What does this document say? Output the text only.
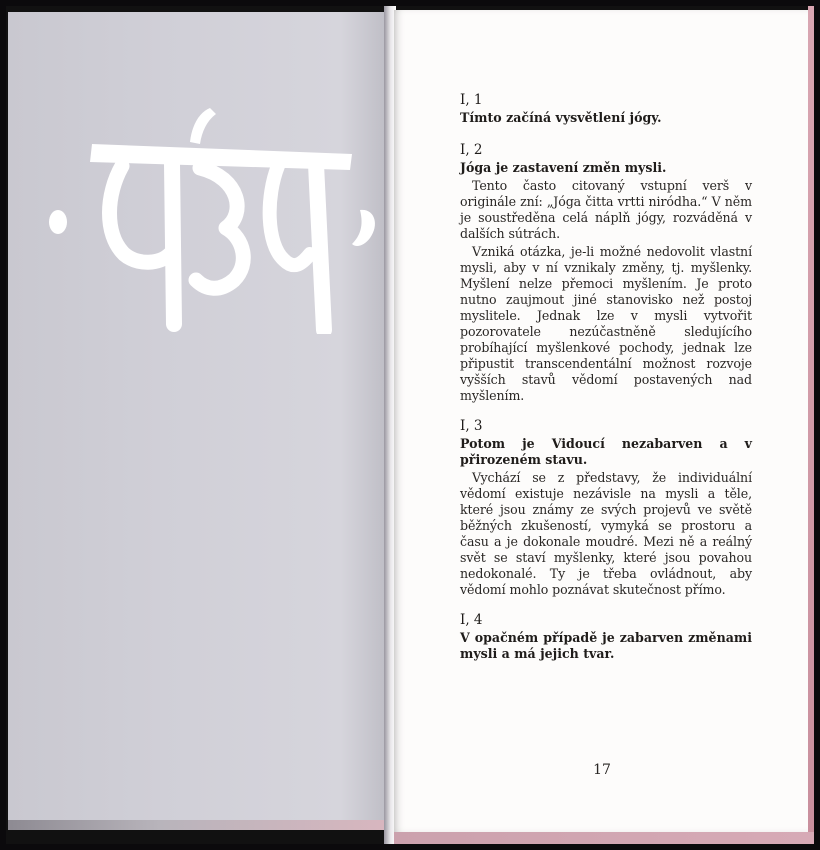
I, 1

Tímto začíná vysvětlení jógy.

I, 2

Jóga je zastavení změn mysli.

Tento často citovaný vstupní verš v originále zní: „Jóga čitta vrtti niródha.“ V něm je soustředěna celá náplň jógy, rozváděná v dalších sútrách.

Vzniká otázka, je-li možné nedovolit vlastní mysli, aby v ní vznikaly změny, tj. myšlenky. Myšlení nelze přemoci myšlením. Je proto nutno zaujmout jiné stanovisko než postoj myslitele. Jednak lze v mysli vytvořit pozorovatele nezúčastněně sledujícího probíhající myšlenkové pochody, jednak lze připustit transcendentální možnost rozvoje vyšších stavů vědomí postavených nad myšlením.

I, 3

Potom je Vidoucí nezabarven a v přirozeném stavu.

Vychází se z představy, že individuální vědomí existuje nezávisle na mysli a těle, které jsou známy ze svých projevů ve světě běžných zkušeností, vymyká se prostoru a času a je dokonale moudré. Mezi ně a reálný svět se staví myšlenky, které jsou povahou nedokonalé. Ty je třeba ovládnout, aby vědomí mohlo poznávat skutečnost přímo.

I, 4

V opačném případě je zabarven změnami mysli a má jejich tvar.

17
